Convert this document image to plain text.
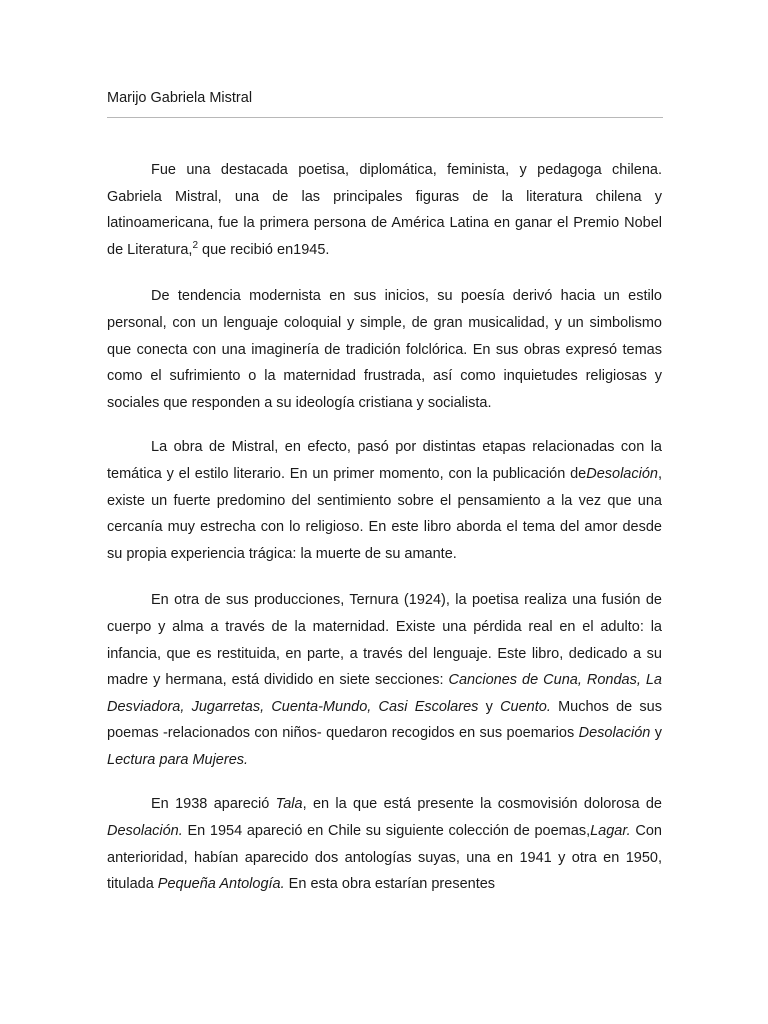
Marijo Gabriela Mistral

Fue una destacada poetisa, diplomática, feminista, y pedagoga chilena. Gabriela Mistral, una de las principales figuras de la literatura chilena y latinoamericana, fue la primera persona de América Latina en ganar el Premio Nobel de Literatura,$^2$ que recibió en1945.

De tendencia modernista en sus inicios, su poesía derivó hacia un estilo personal, con un lenguaje coloquial y simple, de gran musicalidad, y un simbolismo que conecta con una imaginería de tradición folclórica. En sus obras expresó temas como el sufrimiento o la maternidad frustrada, así como inquietudes religiosas y sociales que responden a su ideología cristiana y socialista.

La obra de Mistral, en efecto, pasó por distintas etapas relacionadas con la temática y el estilo literario. En un primer momento, con la publicación deDesolación, existe un fuerte predomino del sentimiento sobre el pensamiento a la vez que una cercanía muy estrecha con lo religioso. En este libro aborda el tema del amor desde su propia experiencia trágica: la muerte de su amante.

En otra de sus producciones, Ternura (1924), la poetisa realiza una fusión de cuerpo y alma a través de la maternidad. Existe una pérdida real en el adulto: la infancia, que es restituida, en parte, a través del lenguaje. Este libro, dedicado a su madre y hermana, está dividido en siete secciones: Canciones de Cuna, Rondas, La Desviadora, Jugarretas, Cuenta-Mundo, Casi Escolares y Cuento. Muchos de sus poemas -relacionados con niños- quedaron recogidos en sus poemarios Desolación y Lectura para Mujeres.

En 1938 apareció Tala, en la que está presente la cosmovisión dolorosa de Desolación. En 1954 apareció en Chile su siguiente colección de poemas,Lagar. Con anterioridad, habían aparecido dos antologías suyas, una en 1941 y otra en 1950, titulada Pequeña Antología. En esta obra estarían presentes
